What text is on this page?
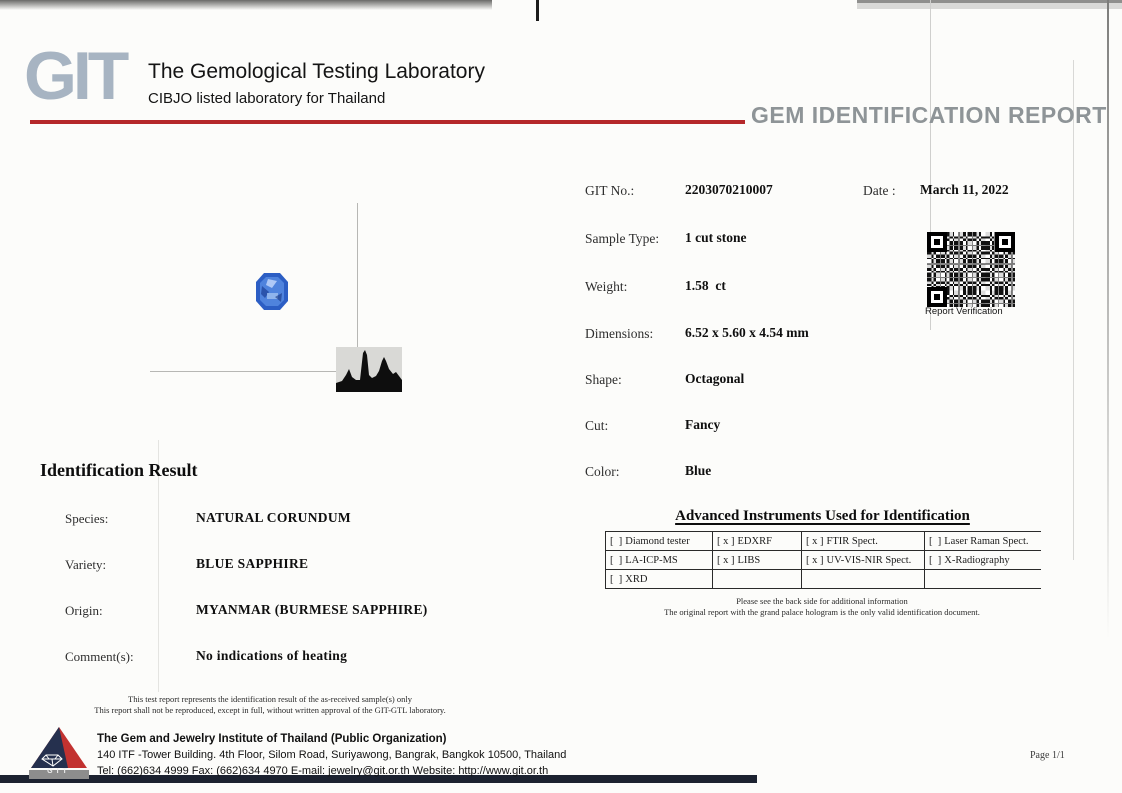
GIT The Gemological Testing Laboratory
CIBJO listed laboratory for Thailand
GEM IDENTIFICATION REPORT
GIT No.:	2203070210007	Date : March 11, 2022
Sample Type: 1 cut stone
Weight:	1.58  ct
Dimensions: 6.52 x 5.60 x 4.54 mm
Shape:	Octagonal
Cut:	Fancy
Color:	Blue
Report Verification
Identification Result
Species:	NATURAL CORUNDUM
Variety:	BLUE SAPPHIRE
Origin:	MYANMAR (BURMESE SAPPHIRE)
Comment(s):	No indications of heating
Advanced Instruments Used for Identification
[  ] Diamond tester	[ x ] EDXRF	[ x ] FTIR Spect.	[  ] Laser Raman Spect.
[  ] LA-ICP-MS	[ x ] LIBS	[ x ] UV-VIS-NIR Spect. [  ] X-Radiography
[  ] XRD
Please see the back side for additional information
The original report with the grand palace hologram is the only valid identification document.
This test report represents the identification result of the as-received sample(s) only
This report shall not be reproduced, except in full, without written approval of the GIT-GTL laboratory.
GIT
The Gem and Jewelry Institute of Thailand (Public Organization)
140 ITF -Tower Building. 4th Floor, Silom Road, Suriyawong, Bangrak, Bangkok 10500, Thailand
Tel: (662)634 4999 Fax: (662)634 4970 E-mail: jewelry@git.or.th Website: http://www.git.or.th
Page 1/1
